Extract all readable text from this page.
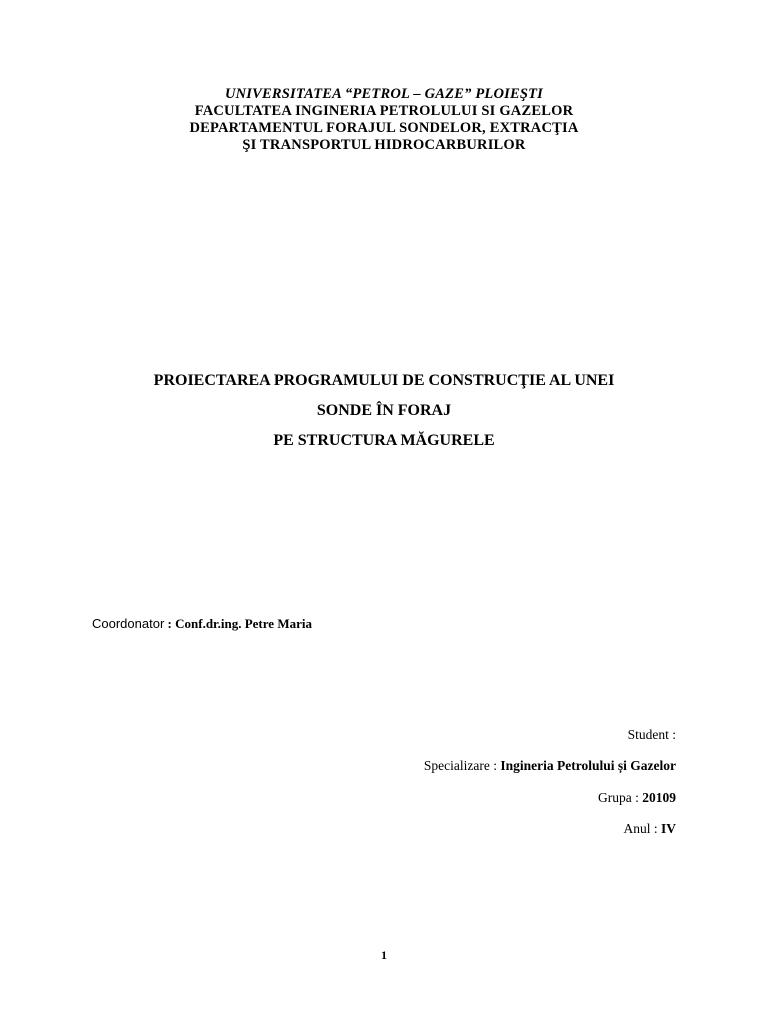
UNIVERSITATEA “PETROL – GAZE” PLOIEŞTI
FACULTATEA INGINERIA PETROLULUI SI GAZELOR
DEPARTAMENTUL FORAJUL SONDELOR, EXTRACŢIA
ŞI TRANSPORTUL HIDROCARBURILOR
PROIECTAREA PROGRAMULUI DE CONSTRUCŢIE AL UNEI
SONDE ÎN FORAJ
PE STRUCTURA MĂGURELE
Coordonator : Conf.dr.ing. Petre Maria
Student :
Specializare : Ingineria Petrolului și Gazelor
Grupa : 20109
Anul : IV
1
